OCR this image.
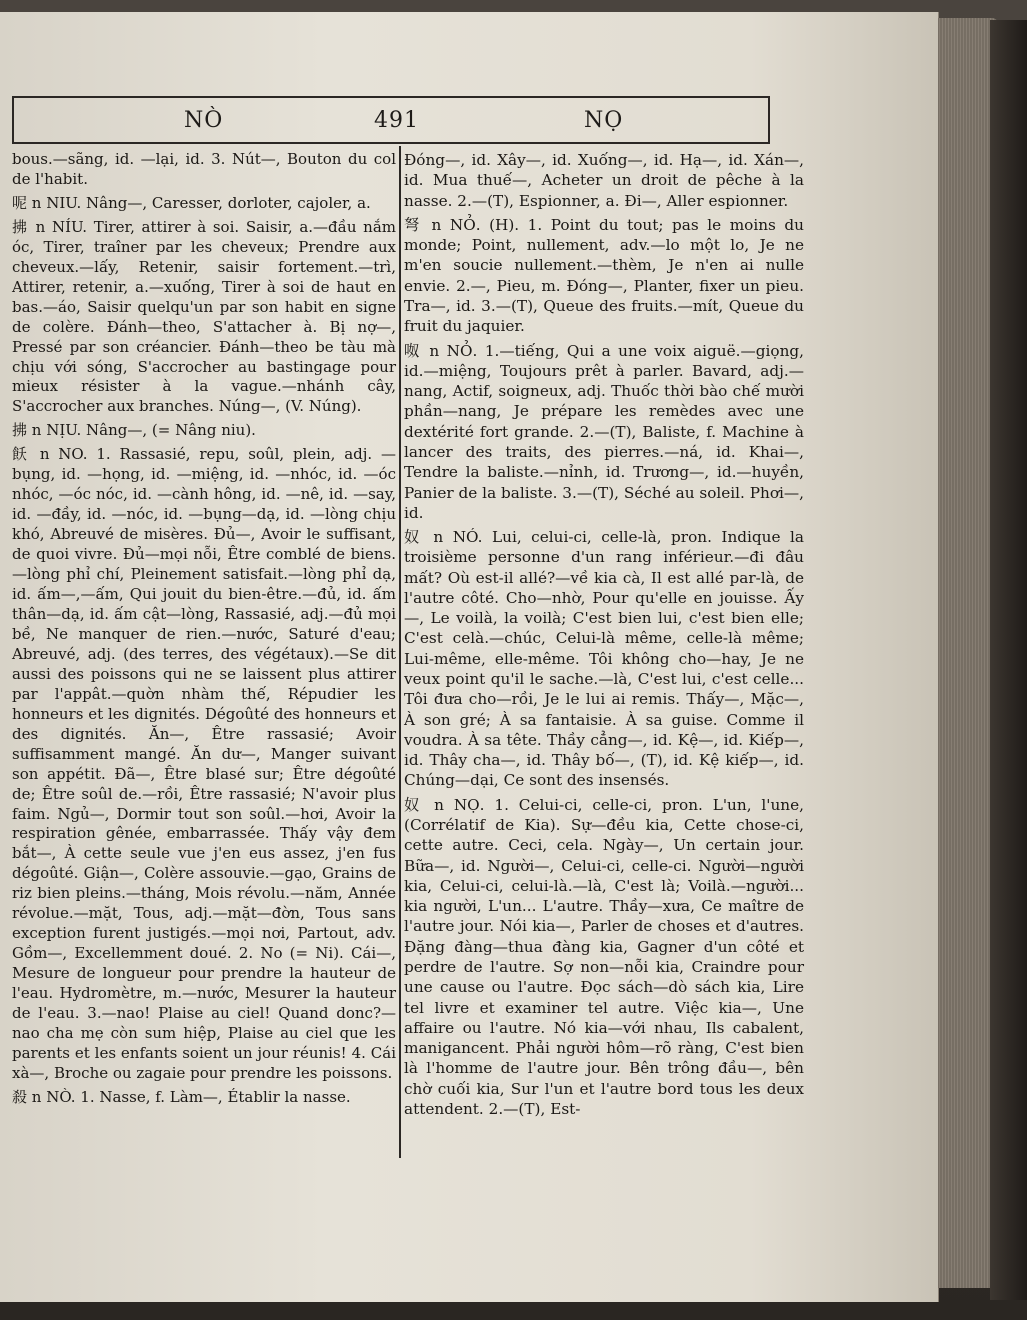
NÒ	491	NỌ

bous.—sãng, id. —lại, id. 3. Nút—, Bouton du col de l'habit.

呢 n NIU. Nâng—, Caresser, dorloter, cajoler, a.

拂 n NÍU. Tirer, attirer à soi. Saisir, a.—đầu nắm óc, Tirer, traîner par les cheveux; Prendre aux cheveux.—lấy, Retenir, saisir fortement.—trì, Attirer, retenir, a.—xuống, Tirer à soi de haut en bas.—áo, Saisir quelqu'un par son habit en signe de colère. Đánh—theo, S'attacher à. Bị nợ—, Pressé par son créancier. Đánh—theo be tàu mà chịu với sóng, S'accrocher au bastingage pour mieux résister à la vague.—nhánh cây, S'accrocher aux branches. Núng—, (V. Núng).

拂 n NỊU. Nâng—, (= Nâng niu).

飫 n NO. 1. Rassasié, repu, soûl, plein, adj. —bụng, id. —họng, id. —miệng, id. —nhóc, id. —óc nhóc, —óc nóc, id. —cành hông, id. —nê, id. —say, id. —đầy, id. —nóc, id. —bụng—dạ, id. —lòng chịu khó, Abreuvé de misères. Đủ—, Avoir le suffisant, de quoi vivre. Đủ—mọi nỗi, Être comblé de biens.—lòng phỉ chí, Pleinement satisfait.—lòng phỉ dạ, id. ấm—,—ấm, Qui jouit du bien-être.—đủ, id. ấm thân—dạ, id. ấm cật—lòng, Rassasié, adj.—đủ mọi bề, Ne manquer de rien.—nước, Saturé d'eau; Abreuvé, adj. (des terres, des végétaux).—Se dit aussi des poissons qui ne se laissent plus attirer par l'appât.—quờn nhàm thế, Répudier les honneurs et les dignités. Dégoûté des honneurs et des dignités. Ăn—, Être rassasié; Avoir suffisamment mangé. Ăn dư—, Manger suivant son appétit. Đã—, Être blasé sur; Être dégoûté de; Être soûl de.—rồi, Être rassasié; N'avoir plus faim. Ngủ—, Dormir tout son soûl.—hơi, Avoir la respiration gênée, embarrassée. Thấy vậy đem bắt—, À cette seule vue j'en eus assez, j'en fus dégoûté. Giận—, Colère assouvie.—gạo, Grains de riz bien pleins.—tháng, Mois révolu.—năm, Année révolue.—mặt, Tous, adj.—mặt—đờn, Tous sans exception furent justigés.—mọi nơi, Partout, adv. Gồm—, Excellemment doué. 2. No (= Ni). Cái—, Mesure de longueur pour prendre la hauteur de l'eau. Hydromètre, m.—nước, Mesurer la hauteur de l'eau. 3.—nao! Plaise au ciel! Quand donc?—nao cha mẹ còn sum hiệp, Plaise au ciel que les parents et les enfants soient un jour réunis! 4. Cái xà—, Broche ou zagaie pour prendre les poissons.

殺 n NÒ. 1. Nasse, f. Làm—, Établir la nasse.

Đóng—, id. Xây—, id. Xuống—, id. Hạ—, id. Xán—, id. Mua thuế—, Acheter un droit de pêche à la nasse. 2.—(T), Espionner, a. Đi—, Aller espionner.

弩 n NỎ. (H). 1. Point du tout; pas le moins du monde; Point, nullement, adv.—lo một lo, Je ne m'en soucie nullement.—thèm, Je n'en ai nulle envie. 2.—, Pieu, m. Đóng—, Planter, fixer un pieu. Tra—, id. 3.—(T), Queue des fruits.—mít, Queue du fruit du jaquier.

呶 n NỎ. 1.—tiếng, Qui a une voix aiguë.—giọng, id.—miệng, Toujours prêt à parler. Bavard, adj.—nang, Actif, soigneux, adj. Thuốc thời bào chế mười phần—nang, Je prépare les remèdes avec une dextérité fort grande. 2.—(T), Baliste, f. Machine à lancer des traits, des pierres.—ná, id. Khai—, Tendre la baliste.—nỉnh, id. Trương—, id.—huyền, Panier de la baliste. 3.—(T), Séché au soleil. Phơi—, id.

奴 n NÓ. Lui, celui-ci, celle-là, pron. Indique la troisième personne d'un rang inférieur.—đi đâu mất? Où est-il allé?—về kia cà, Il est allé par-là, de l'autre côté. Cho—nhờ, Pour qu'elle en jouisse. Ấy—, Le voilà, la voilà; C'est bien lui, c'est bien elle; C'est celà.—chúc, Celui-là même, celle-là même; Lui-même, elle-même. Tôi không cho—hay, Je ne veux point qu'il le sache.—là, C'est lui, c'est celle... Tôi đưa cho—rồi, Je le lui ai remis. Thấy—, Mặc—, À son gré; À sa fantaisie. À sa guise. Comme il voudra. À sa tête. Thầy cẳng—, id. Kệ—, id. Kiếp—, id. Thây cha—, id. Thây bố—, (T), id. Kệ kiếp—, id. Chúng—dại, Ce sont des insensés.

奴 n NỌ. 1. Celui-ci, celle-ci, pron. L'un, l'une, (Corrélatif de Kia). Sự—đều kia, Cette chose-ci, cette autre. Ceci, cela. Ngày—, Un certain jour. Bữa—, id. Người—, Celui-ci, celle-ci. Người—người kia, Celui-ci, celui-là.—là, C'est là; Voilà.—người... kia người, L'un... L'autre. Thầy—xưa, Ce maître de l'autre jour. Nói kia—, Parler de choses et d'autres. Đặng đàng—thua đàng kia, Gagner d'un côté et perdre de l'autre. Sợ non—nỗi kia, Craindre pour une cause ou l'autre. Đọc sách—dò sách kia, Lire tel livre et examiner tel autre. Việc kia—, Une affaire ou l'autre. Nó kia—với nhau, Ils cabalent, manigancent. Phải người hôm—rõ ràng, C'est bien là l'homme de l'autre jour. Bên trông đầu—, bên chờ cuối kia, Sur l'un et l'autre bord tous les deux attendent. 2.—(T), Est-
